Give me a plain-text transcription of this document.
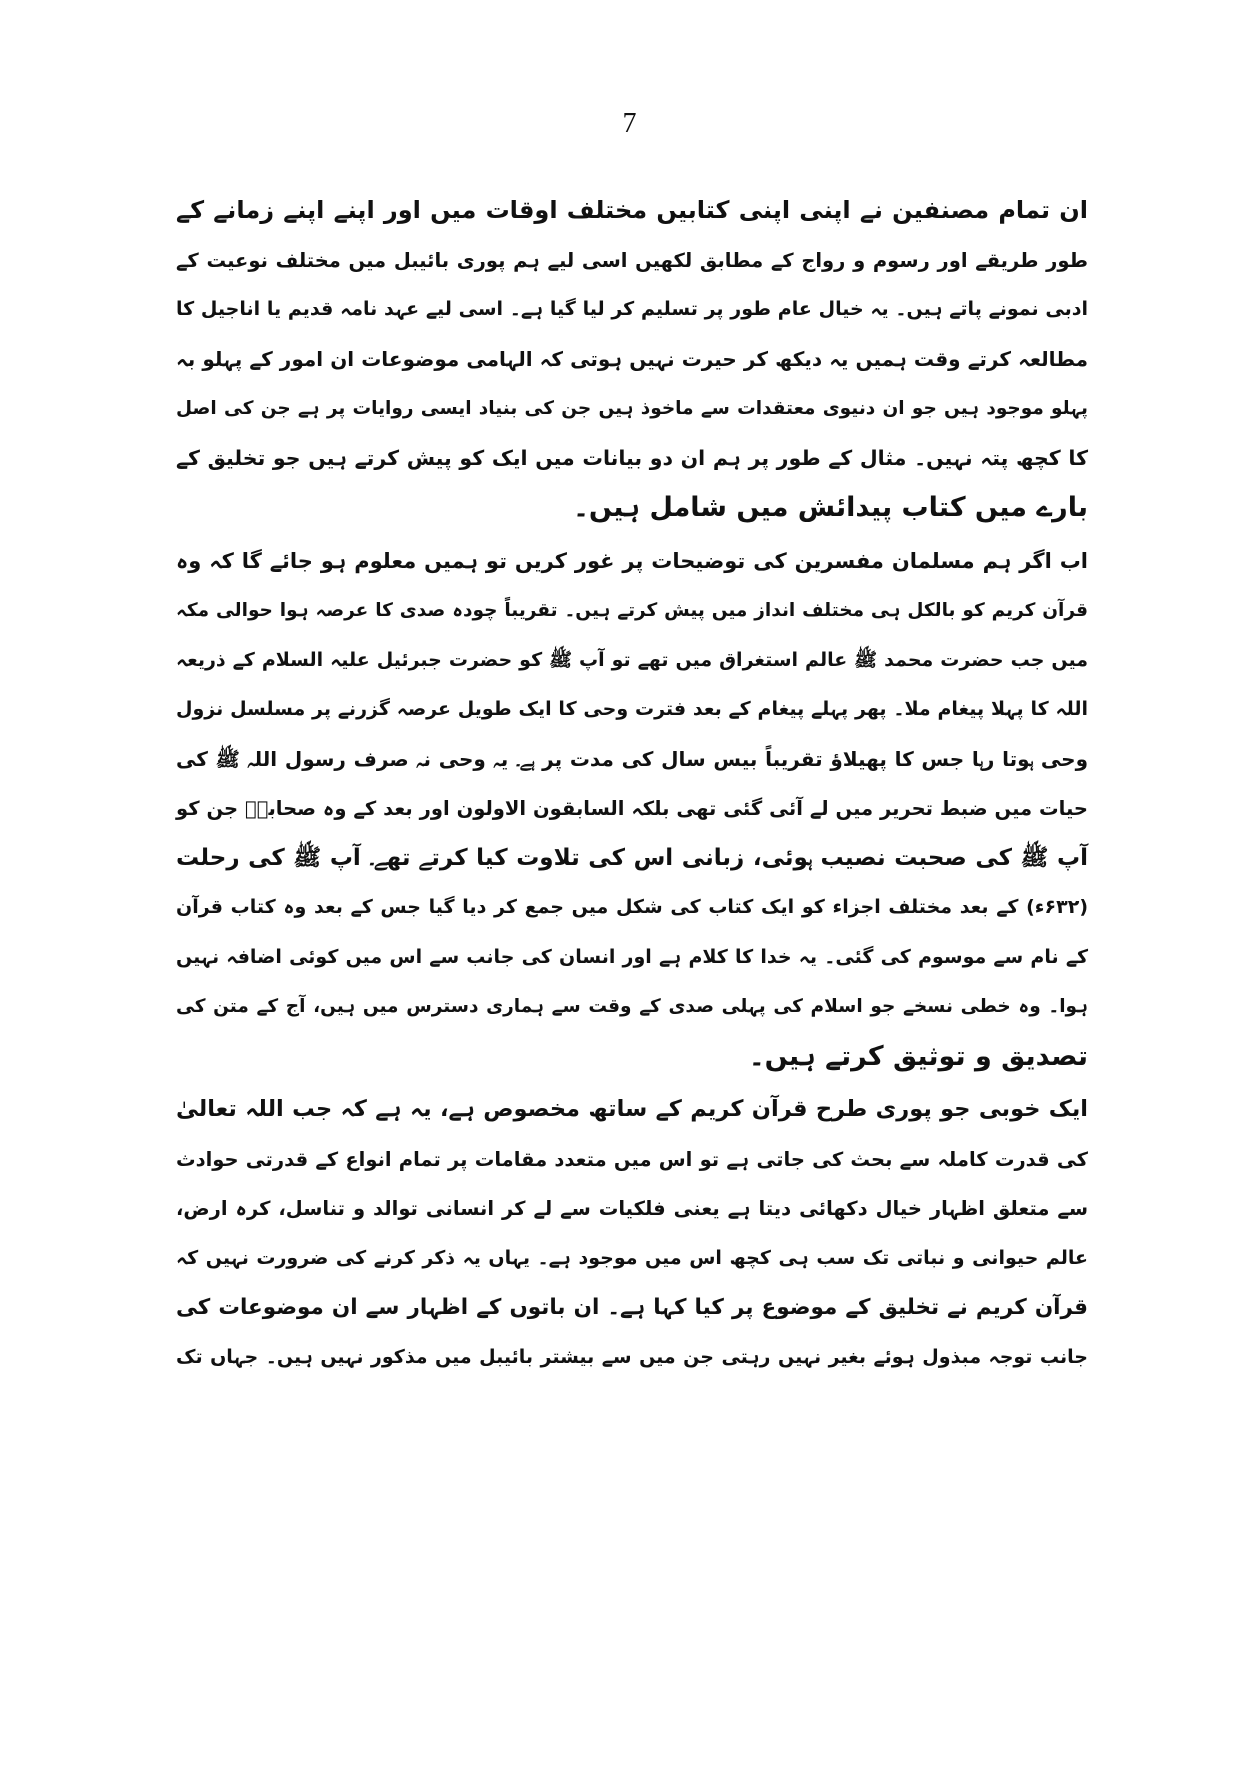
7
ان تمام مصنفین نے اپنی اپنی کتابیں مختلف اوقات میں اور اپنے اپنے زمانے کے
طور طریقے اور رسوم و رواج کے مطابق لکھیں اسی لیے ہم پوری بائیبل میں مختلف نوعیت کے
ادبی نمونے پاتے ہیں۔ یہ خیال عام طور پر تسلیم کر لیا گیا ہے۔ اسی لیے عہد نامہ قدیم یا اناجیل کا
مطالعہ کرتے وقت ہمیں یہ دیکھ کر حیرت نہیں ہوتی کہ الہامی موضوعات ان امور کے پہلو بہ
پہلو موجود ہیں جو ان دنیوی معتقدات سے ماخوذ ہیں جن کی بنیاد ایسی روایات پر ہے جن کی اصل
کا کچھ پتہ نہیں۔ مثال کے طور پر ہم ان دو بیانات میں ایک کو پیش کرتے ہیں جو تخلیق کے
بارے میں کتاب پیدائش میں شامل ہیں۔
اب اگر ہم مسلمان مفسرین کی توضیحات پر غور کریں تو ہمیں معلوم ہو جائے گا کہ وہ
قرآن کریم کو بالکل ہی مختلف انداز میں پیش کرتے ہیں۔ تقریباً چودہ صدی کا عرصہ ہوا حوالی مکہ
میں جب حضرت محمد ﷺ عالم استغراق میں تھے تو آپ ﷺ کو حضرت جبرئیل علیہ السلام کے ذریعہ
اللہ کا پہلا پیغام ملا۔ پھر پہلے پیغام کے بعد فترت وحی کا ایک طویل عرصہ گزرنے پر مسلسل نزول
وحی ہوتا رہا جس کا پھیلاؤ تقریباً بیس سال کی مدت پر ہے۔ یہ وحی نہ صرف رسول اللہ ﷺ کی
حیات میں ضبط تحریر میں لے آئی گئی تھی بلکہ السابقون الاولون اور بعد کے وہ صحابہؓ جن کو
آپ ﷺ کی صحبت نصیب ہوئی، زبانی اس کی تلاوت کیا کرتے تھے۔ آپ ﷺ کی رحلت
(۶۳۲ء) کے بعد مختلف اجزاء کو ایک کتاب کی شکل میں جمع کر دیا گیا جس کے بعد وہ کتاب قرآن
کے نام سے موسوم کی گئی۔ یہ خدا کا کلام ہے اور انسان کی جانب سے اس میں کوئی اضافہ نہیں
ہوا۔ وہ خطی نسخے جو اسلام کی پہلی صدی کے وقت سے ہماری دسترس میں ہیں، آج کے متن کی
تصدیق و توثیق کرتے ہیں۔
ایک خوبی جو پوری طرح قرآن کریم کے ساتھ مخصوص ہے، یہ ہے کہ جب اللہ تعالیٰ
کی قدرت کاملہ سے بحث کی جاتی ہے تو اس میں متعدد مقامات پر تمام انواع کے قدرتی حوادث
سے متعلق اظہار خیال دکھائی دیتا ہے یعنی فلکیات سے لے کر انسانی توالد و تناسل، کرہ ارض،
عالم حیوانی و نباتی تک سب ہی کچھ اس میں موجود ہے۔ یہاں یہ ذکر کرنے کی ضرورت نہیں کہ
قرآن کریم نے تخلیق کے موضوع پر کیا کہا ہے۔ ان باتوں کے اظہار سے ان موضوعات کی
جانب توجہ مبذول ہوئے بغیر نہیں رہتی جن میں سے بیشتر بائیبل میں مذکور نہیں ہیں۔ جہاں تک
